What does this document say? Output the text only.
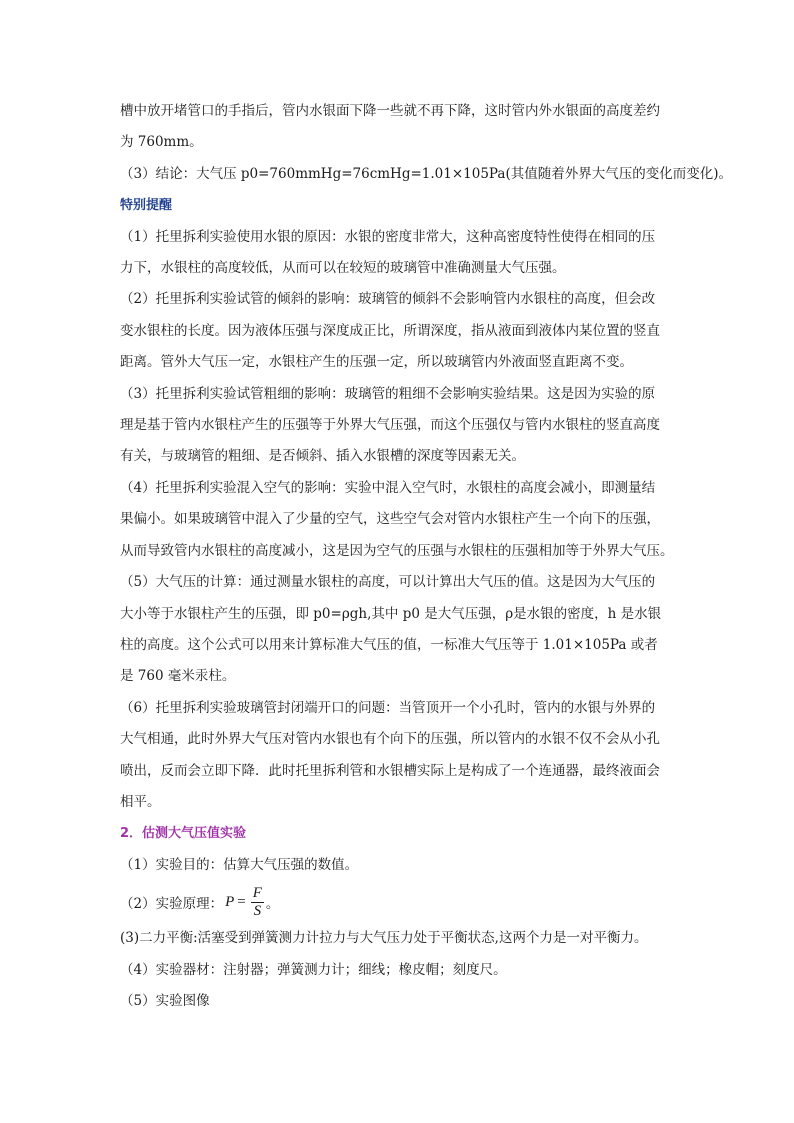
槽中放开堵管口的手指后，管内水银面下降一些就不再下降，这时管内外水银面的高度差约
为 760mm。
（3）结论：大气压 p0=760mmHg=76cmHg=1.01×105Pa(其值随着外界大气压的变化而变化)。
特别提醒
（1）托里拆利实验使用水银的原因：水银的密度非常大，这种高密度特性使得在相同的压
力下，水银柱的高度较低，从而可以在较短的玻璃管中准确测量大气压强。
（2）托里拆利实验试管的倾斜的影响：玻璃管的倾斜不会影响管内水银柱的高度，但会改
变水银柱的长度。因为液体压强与深度成正比，所谓深度，指从液面到液体内某位置的竖直
距离。管外大气压一定，水银柱产生的压强一定，所以玻璃管内外液面竖直距离不变。
（3）托里拆利实验试管粗细的影响：玻璃管的粗细不会影响实验结果。这是因为实验的原
理是基于管内水银柱产生的压强等于外界大气压强，而这个压强仅与管内水银柱的竖直高度
有关，与玻璃管的粗细、是否倾斜、插入水银槽的深度等因素无关。
（4）托里拆利实验混入空气的影响：实验中混入空气时，水银柱的高度会减小，即测量结
果偏小。如果玻璃管中混入了少量的空气，这些空气会对管内水银柱产生一个向下的压强，
从而导致管内水银柱的高度减小，这是因为空气的压强与水银柱的压强相加等于外界大气压。
（5）大气压的计算：通过测量水银柱的高度，可以计算出大气压的值。这是因为大气压的
大小等于水银柱产生的压强，即 p0=ρgh,其中 p0 是大气压强，ρ是水银的密度，h 是水银
柱的高度。这个公式可以用来计算标准大气压的值，一标准大气压等于 1.01×105Pa 或者
是 760 毫米汞柱。
（6）托里拆利实验玻璃管封闭端开口的问题：当管顶开一个小孔时，管内的水银与外界的
大气相通，此时外界大气压对管内水银也有个向下的压强，所以管内的水银不仅不会从小孔
喷出，反而会立即下降．此时托里拆利管和水银槽实际上是构成了一个连通器，最终液面会
相平。
2．估测大气压值实验
（1）实验目的：估算大气压强的数值。
（2）实验原理： $P = \frac{F}{S}$ 。
(3)二力平衡:活塞受到弹簧测力计拉力与大气压力处于平衡状态,这两个力是一对平衡力。
（4）实验器材：注射器；弹簧测力计；细线；橡皮帽；刻度尺。
（5）实验图像
